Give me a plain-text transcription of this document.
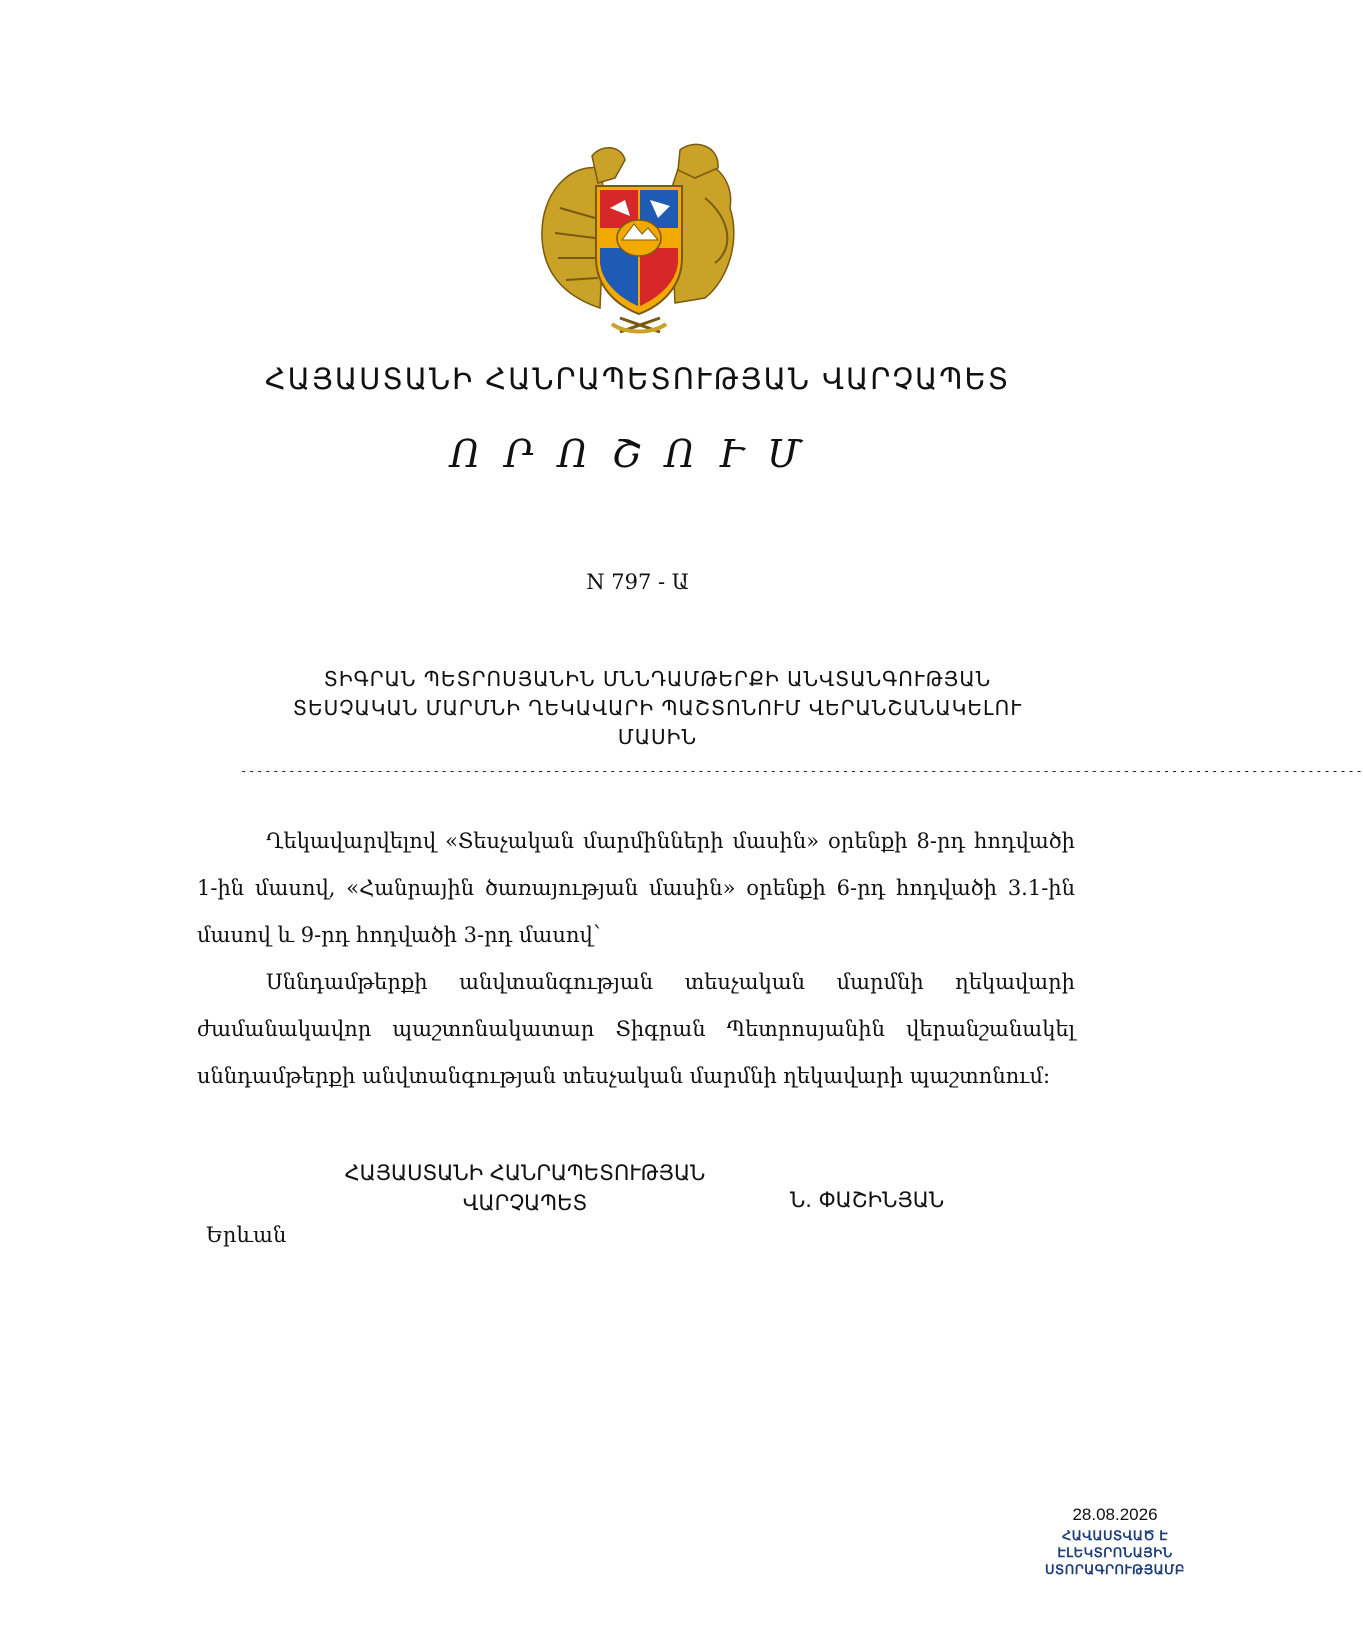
ՀԱՅԱՍՏԱՆԻ ՀԱՆՐԱՊԵՏՈՒԹՅԱՆ ՎԱՐՉԱՊԵՏ
ՈՐՈՇՈՒՄ
N 797 - Ա
ՏԻԳՐԱՆ ՊԵՏՐՈՍՅԱՆԻՆ ՄՆՆԴԱՄԹԵՐՔԻ ԱՆՎՏԱՆԳՈՒԹՅԱՆ
ՏԵՍՉԱԿԱՆ ՄԱՐՄՆԻ ՂԵԿԱՎԱՐԻ ՊԱՇՏՈՆՈՒՄ ՎԵՐԱՆՇԱՆԱԿԵԼՈՒ
ՄԱՍԻՆ
--------------------------------------------------------------------------------------------------------------------------------------------

Ղեկավարվելով «Տեսչական մարմինների մասին» օրենքի 8-րդ հոդվածի 1-ին մասով, «Հանրային ծառայության մասին» օրենքի 6-րդ հոդվածի 3.1-ին մասով և 9-րդ հոդվածի 3-րդ մասով՝

Սննդամթերքի անվտանգության տեսչական մարմնի ղեկավարի ժամանակավոր պաշտոնակատար Տիգրան Պետրոսյանին վերանշանակել սննդամթերքի անվտանգության տեսչական մարմնի ղեկավարի պաշտոնում:

ՀԱՅԱՍՏԱՆԻ ՀԱՆՐԱՊԵՏՈՒԹՅԱՆ
ՎԱՐՉԱՊԵՏ	Ն. ՓԱՇԻՆՅԱՆ
Երևան
28.08.2026
ՀԱՎԱՍՏՎԱԾ Է
ԷԼԵԿՏՐՈՆԱՅԻՆ
ՍՏՈՐԱԳՐՈՒԹՅԱՄԲ
